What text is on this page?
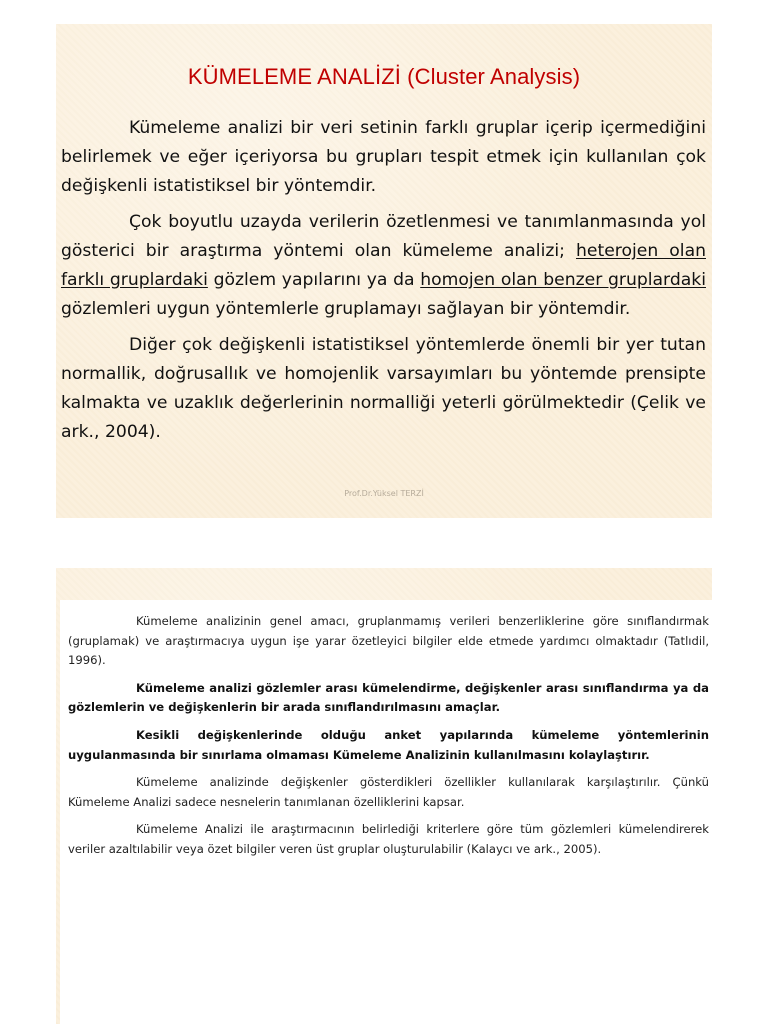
KÜMELEME ANALİZİ (Cluster Analysis)

Kümeleme analizi bir veri setinin farklı gruplar içerip içermediğini belirlemek ve eğer içeriyorsa bu grupları tespit etmek için kullanılan çok değişkenli istatistiksel bir yöntemdir.

Çok boyutlu uzayda verilerin özetlenmesi ve tanımlanmasında yol gösterici bir araştırma yöntemi olan kümeleme analizi; heterojen olan farklı gruplardaki gözlem yapılarını ya da homojen olan benzer gruplardaki gözlemleri uygun yöntemlerle gruplamayı sağlayan bir yöntemdir.

Diğer çok değişkenli istatistiksel yöntemlerde önemli bir yer tutan normallik, doğrusallık ve homojenlik varsayımları bu yöntemde prensipte kalmakta ve uzaklık değerlerinin normalliği yeterli görülmektedir (Çelik ve ark., 2004).

Prof.Dr.Yüksel TERZİ

Kümeleme analizinin genel amacı, gruplanmamış verileri benzerliklerine göre sınıflandırmak (gruplamak) ve araştırmacıya uygun işe yarar özetleyici bilgiler elde etmede yardımcı olmaktadır (Tatlıdil, 1996).

Kümeleme analizi gözlemler arası kümelendirme, değişkenler arası sınıflandırma ya da gözlemlerin ve değişkenlerin bir arada sınıflandırılmasını amaçlar.

Kesikli değişkenlerinde olduğu anket yapılarında kümeleme yöntemlerinin uygulanmasında bir sınırlama olmaması Kümeleme Analizinin kullanılmasını kolaylaştırır.

Kümeleme analizinde değişkenler gösterdikleri özellikler kullanılarak karşılaştırılır. Çünkü Kümeleme Analizi sadece nesnelerin tanımlanan özelliklerini kapsar.

Kümeleme Analizi ile araştırmacının belirlediği kriterlere göre tüm gözlemleri kümelendirerek veriler azaltılabilir veya özet bilgiler veren üst gruplar oluşturulabilir (Kalaycı ve ark., 2005).
